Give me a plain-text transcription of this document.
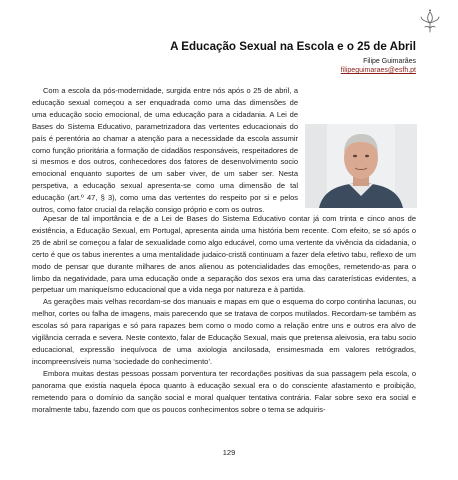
A Educação Sexual na Escola e o 25 de Abril
Filipe Guimarães
filipeguimaraes@esfh.pt

Com a escola da pós-modernidade, surgida entre nós após o 25 de abril, a educação sexual começou a ser enquadrada como uma das dimensões de uma educação socio emocional, de uma educação para a cidadania. A Lei de Bases do Sistema Educativo, parametrizadora das vertentes educacionais do país é perentória ao chamar a atenção para a necessidade da escola assumir como função prioritária a formação de cidadãos responsáveis, respeitadores de si mesmos e dos outros, conhecedores dos fatores de desenvolvimento socio emocional enquanto suportes de um saber viver, de um saber ser. Nesta perspetiva, a educação sexual apresenta-se como uma dimensão de tal educação (art.º 47, § 3), como uma das vertentes do respeito por si e pelos outros, como fator crucial da relação consigo próprio e com os outros.

Apesar de tal importância e de a Lei de Bases do Sistema Educativo contar já com trinta e cinco anos de existência, a Educação Sexual, em Portugal, apresenta ainda uma história bem recente. Com efeito, se só após o 25 de abril se começou a falar de sexualidade como algo educável, como uma vertente da vivência da cidadania, o certo é que os tabus inerentes a uma mentalidade judaico-cristã continuam a fazer dela efetivo tabu, reflexo de um modo de pensar que durante milhares de anos alienou as potencialidades das emoções, remetendo-as para o limbo da negatividade, para uma educação onde a separação dos sexos era uma das caraterísticas evidentes, a perpetuar um maniqueísmo educacional que a vida nega por natureza e à partida.

As gerações mais velhas recordam-se dos manuais e mapas em que o esquema do corpo continha lacunas, ou melhor, cortes ou falha de imagens, mais parecendo que se tratava de corpos mutilados. Recordam-se também as escolas só para raparigas e só para rapazes bem como o modo como a relação entre uns e outros era alvo de vigilância cerrada e severa. Neste contexto, falar de Educação Sexual, mais que pretensa aleivosia, era tabu socio educacional, expressão inequívoca de uma axiologia ancilosada, ensimesmada em valores retrógrados, incompreensíveis numa ‘sociedade do conhecimento’.

Embora muitas destas pessoas possam porventura ter recordações positivas da sua passagem pela escola, o panorama que existia naquela época quanto à educação sexual era o do consciente afastamento e proibição, remetendo para o domínio da sanção social e moral qualquer tentativa contrária. Falar sobre sexo era social e moralmente tabu, fazendo com que os poucos conhecimentos sobre o tema se adquiris-

129
